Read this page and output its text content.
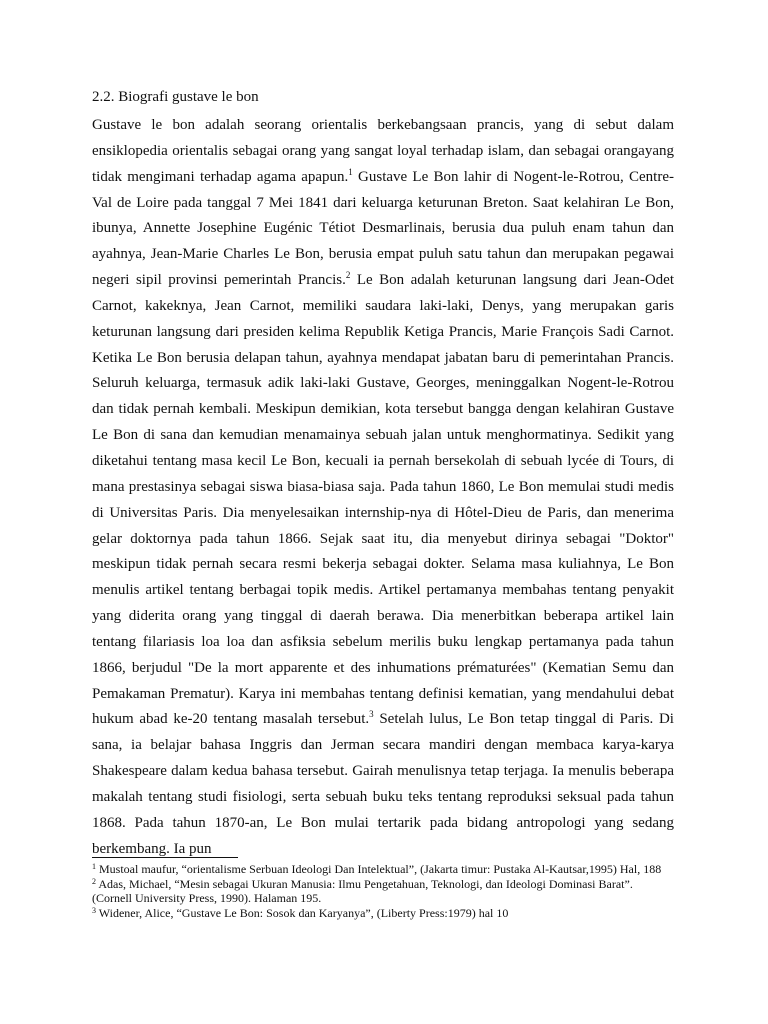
2.2. Biografi gustave le bon

Gustave le bon adalah seorang orientalis berkebangsaan prancis, yang di sebut dalam ensiklopedia orientalis sebagai orang yang sangat loyal terhadap islam, dan sebagai orangayang tidak mengimani terhadap agama apapun.$^1$ Gustave Le Bon lahir di Nogent-le-Rotrou, Centre-Val de Loire pada tanggal 7 Mei 1841 dari keluarga keturunan Breton. Saat kelahiran Le Bon, ibunya, Annette Josephine Eugénic Tétiot Desmarlinais, berusia dua puluh enam tahun dan ayahnya, Jean-Marie Charles Le Bon, berusia empat puluh satu tahun dan merupakan pegawai negeri sipil provinsi pemerintah Prancis.$^2$ Le Bon adalah keturunan langsung dari Jean-Odet Carnot, kakeknya, Jean Carnot, memiliki saudara laki-laki, Denys, yang merupakan garis keturunan langsung dari presiden kelima Republik Ketiga Prancis, Marie François Sadi Carnot. Ketika Le Bon berusia delapan tahun, ayahnya mendapat jabatan baru di pemerintahan Prancis. Seluruh keluarga, termasuk adik laki-laki Gustave, Georges, meninggalkan Nogent-le-Rotrou dan tidak pernah kembali. Meskipun demikian, kota tersebut bangga dengan kelahiran Gustave Le Bon di sana dan kemudian menamainya sebuah jalan untuk menghormatinya. Sedikit yang diketahui tentang masa kecil Le Bon, kecuali ia pernah bersekolah di sebuah lycée di Tours, di mana prestasinya sebagai siswa biasa-biasa saja. Pada tahun 1860, Le Bon memulai studi medis di Universitas Paris. Dia menyelesaikan internship-nya di Hôtel-Dieu de Paris, dan menerima gelar doktornya pada tahun 1866. Sejak saat itu, dia menyebut dirinya sebagai "Doktor" meskipun tidak pernah secara resmi bekerja sebagai dokter. Selama masa kuliahnya, Le Bon menulis artikel tentang berbagai topik medis. Artikel pertamanya membahas tentang penyakit yang diderita orang yang tinggal di daerah berawa. Dia menerbitkan beberapa artikel lain tentang filariasis loa loa dan asfiksia sebelum merilis buku lengkap pertamanya pada tahun 1866, berjudul "De la mort apparente et des inhumations prématurées" (Kematian Semu dan Pemakaman Prematur). Karya ini membahas tentang definisi kematian, yang mendahului debat hukum abad ke-20 tentang masalah tersebut.$^3$ Setelah lulus, Le Bon tetap tinggal di Paris. Di sana, ia belajar bahasa Inggris dan Jerman secara mandiri dengan membaca karya-karya Shakespeare dalam kedua bahasa tersebut. Gairah menulisnya tetap terjaga. Ia menulis beberapa makalah tentang studi fisiologi, serta sebuah buku teks tentang reproduksi seksual pada tahun 1868. Pada tahun 1870-an, Le Bon mulai tertarik pada bidang antropologi yang sedang berkembang. Ia pun

$^1$ Mustoal maufur, “orientalisme Serbuan Ideologi Dan Intelektual”, (Jakarta timur: Pustaka Al-Kautsar,1995) Hal, 188

$^2$ Adas, Michael, “Mesin sebagai Ukuran Manusia: Ilmu Pengetahuan, Teknologi, dan Ideologi Dominasi Barat”. (Cornell University Press, 1990). Halaman 195.

$^3$ Widener, Alice, “Gustave Le Bon: Sosok dan Karyanya”, (Liberty Press:1979) hal 10
